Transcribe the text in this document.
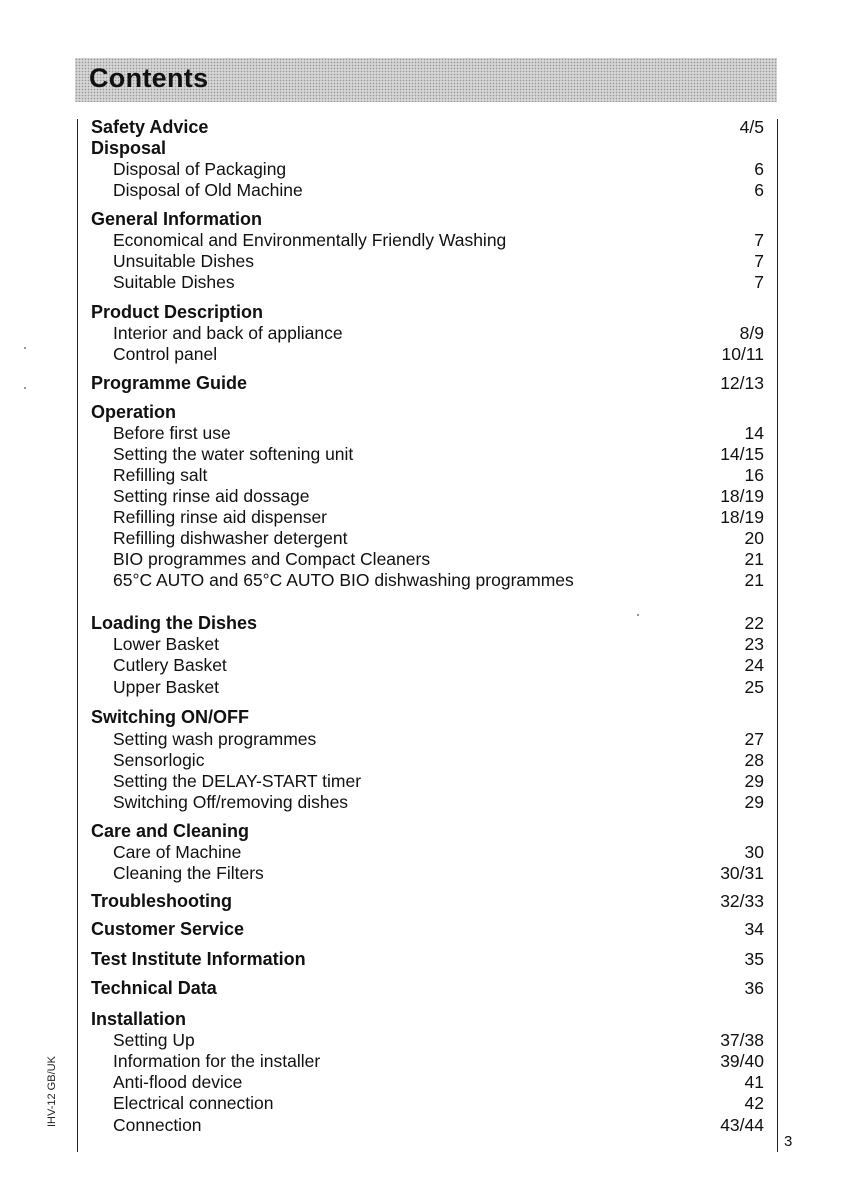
Contents
Safety Advice	4/5
Disposal
Disposal of Packaging	6
Disposal of Old Machine	6
General Information
Economical and Environmentally Friendly Washing	7
Unsuitable Dishes	7
Suitable Dishes	7
Product Description
Interior and back of appliance	8/9
Control panel	10/11
Programme Guide	12/13
Operation
Before first use	14
Setting the water softening unit	14/15
Refilling salt	16
Setting rinse aid dossage	18/19
Refilling rinse aid dispenser	18/19
Refilling dishwasher detergent	20
BIO programmes and Compact Cleaners	21
65°C AUTO and 65°C AUTO BIO dishwashing programmes	21
Loading the Dishes	22
Lower Basket	23
Cutlery Basket	24
Upper Basket	25
Switching ON/OFF
Setting wash programmes	27
Sensorlogic	28
Setting the DELAY-START timer	29
Switching Off/removing dishes	29
Care and Cleaning
Care of Machine	30
Cleaning the Filters	30/31
Troubleshooting	32/33
Customer Service	34
Test Institute Information	35
Technical Data	36
Installation
Setting Up	37/38
Information for the installer	39/40
Anti-flood device	41
Electrical connection	42
Connection	43/44
IHV-12 GB/UK
3
